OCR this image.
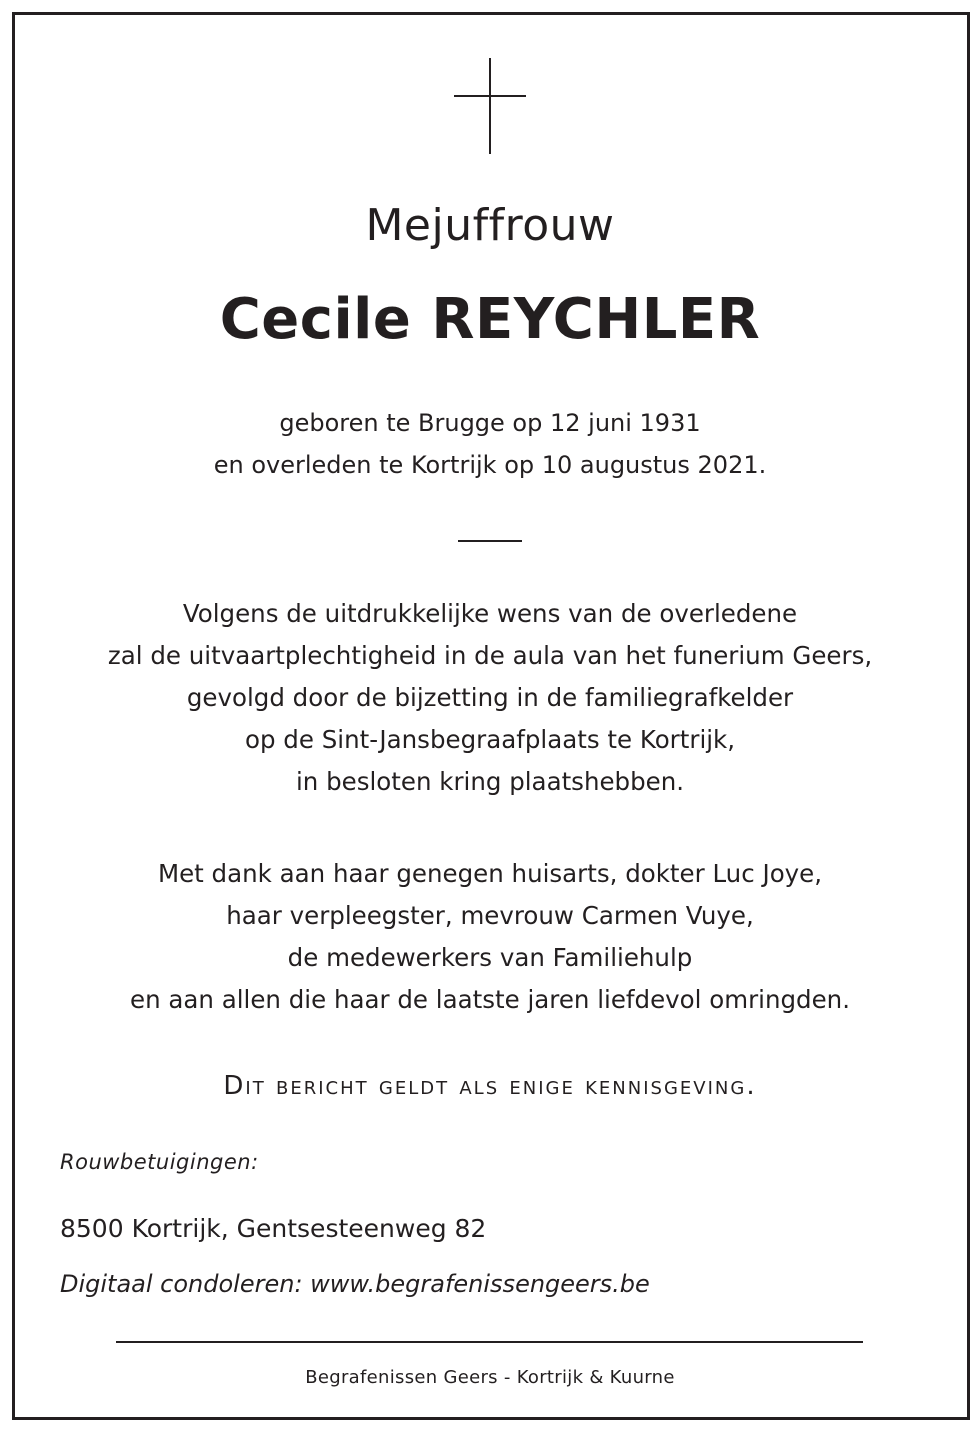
Mejuffrouw
Cecile REYCHLER
geboren te Brugge op 12 juni 1931
en overleden te Kortrijk op 10 augustus 2021.
Volgens de uitdrukkelijke wens van de overledene
zal de uitvaartplechtigheid in de aula van het funerium Geers,
gevolgd door de bijzetting in de familiegrafkelder
op de Sint-Jansbegraafplaats te Kortrijk,
in besloten kring plaatshebben.
Met dank aan haar genegen huisarts, dokter Luc Joye,
haar verpleegster, mevrouw Carmen Vuye,
de medewerkers van Familiehulp
en aan allen die haar de laatste jaren liefdevol omringden.
Dit bericht geldt als enige kennisgeving.
Rouwbetuigingen:
8500 Kortrijk, Gentsesteenweg 82
Digitaal condoleren: www.begrafenissengeers.be
Begrafenissen Geers - Kortrijk & Kuurne
